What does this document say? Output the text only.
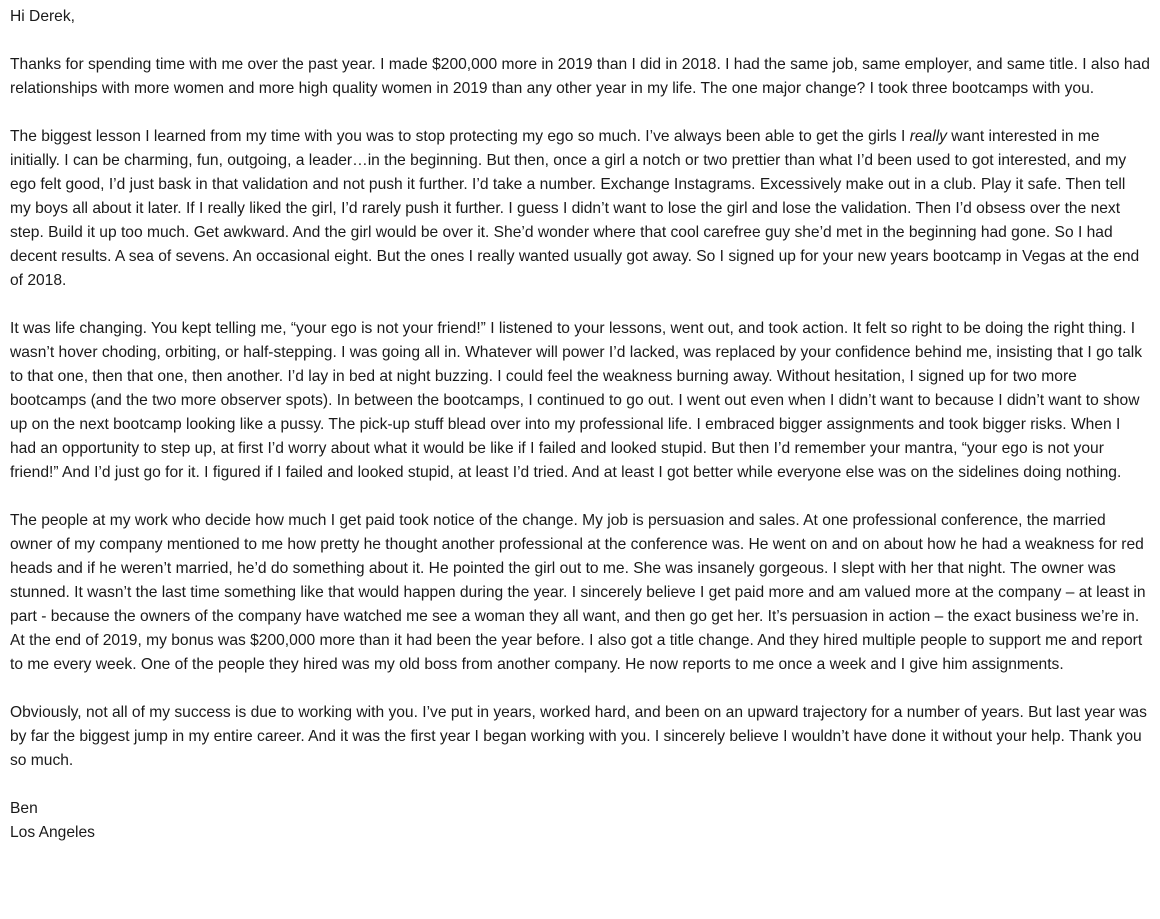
Hi Derek,

Thanks for spending time with me over the past year. I made $200,000 more in 2019 than I did in 2018. I had the same job, same employer, and same title. I also had relationships with more women and more high quality women in 2019 than any other year in my life. The one major change? I took three bootcamps with you.

The biggest lesson I learned from my time with you was to stop protecting my ego so much. I’ve always been able to get the girls I really want interested in me initially. I can be charming, fun, outgoing, a leader…in the beginning. But then, once a girl a notch or two prettier than what I’d been used to got interested, and my ego felt good, I’d just bask in that validation and not push it further. I’d take a number. Exchange Instagrams. Excessively make out in a club. Play it safe. Then tell my boys all about it later. If I really liked the girl, I’d rarely push it further. I guess I didn’t want to lose the girl and lose the validation. Then I’d obsess over the next step. Build it up too much. Get awkward. And the girl would be over it. She’d wonder where that cool carefree guy she’d met in the beginning had gone. So I had decent results. A sea of sevens. An occasional eight. But the ones I really wanted usually got away. So I signed up for your new years bootcamp in Vegas at the end of 2018.

It was life changing. You kept telling me, “your ego is not your friend!” I listened to your lessons, went out, and took action. It felt so right to be doing the right thing. I wasn’t hover choding, orbiting, or half-stepping. I was going all in. Whatever will power I’d lacked, was replaced by your confidence behind me, insisting that I go talk to that one, then that one, then another. I’d lay in bed at night buzzing. I could feel the weakness burning away. Without hesitation, I signed up for two more bootcamps (and the two more observer spots). In between the bootcamps, I continued to go out. I went out even when I didn’t want to because I didn’t want to show up on the next bootcamp looking like a pussy. The pick-up stuff blead over into my professional life. I embraced bigger assignments and took bigger risks. When I had an opportunity to step up, at first I’d worry about what it would be like if I failed and looked stupid. But then I’d remember your mantra, “your ego is not your friend!” And I’d just go for it. I figured if I failed and looked stupid, at least I’d tried. And at least I got better while everyone else was on the sidelines doing nothing.

The people at my work who decide how much I get paid took notice of the change. My job is persuasion and sales. At one professional conference, the married owner of my company mentioned to me how pretty he thought another professional at the conference was. He went on and on about how he had a weakness for red heads and if he weren’t married, he’d do something about it. He pointed the girl out to me. She was insanely gorgeous. I slept with her that night. The owner was stunned. It wasn’t the last time something like that would happen during the year. I sincerely believe I get paid more and am valued more at the company – at least in part - because the owners of the company have watched me see a woman they all want, and then go get her. It’s persuasion in action – the exact business we’re in. At the end of 2019, my bonus was $200,000 more than it had been the year before. I also got a title change. And they hired multiple people to support me and report to me every week. One of the people they hired was my old boss from another company. He now reports to me once a week and I give him assignments.

Obviously, not all of my success is due to working with you. I’ve put in years, worked hard, and been on an upward trajectory for a number of years. But last year was by far the biggest jump in my entire career. And it was the first year I began working with you. I sincerely believe I wouldn’t have done it without your help. Thank you so much.

Ben

Los Angeles
